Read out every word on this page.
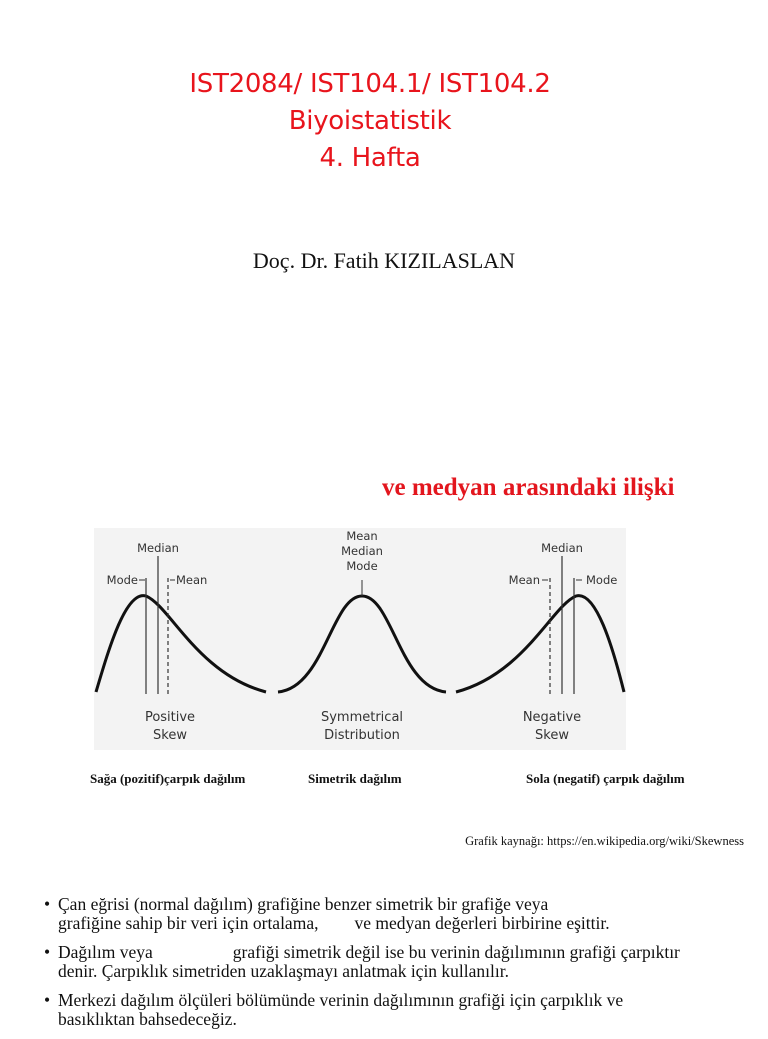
IST2084/ IST104.1/ IST104.2
Biyoistatistik
4. Hafta
Doç. Dr. Fatih KIZILASLAN
ve medyan arasındaki ilişki
Median
Mode	Mean
Positive
Skew
Mean
Median
Mode
Symmetrical
Distribution
Median
Mean	Mode
Negative
Skew
Sağa (pozitif)çarpık dağılım	Simetrik dağılım	Sola (negatif) çarpık dağılım
Grafik kaynağı: https://en.wikipedia.org/wiki/Skewness
• Çan eğrisi (normal dağılım) grafiğine benzer simetrik bir grafiğe veya
grafiğine sahip bir veri için ortalama, ve medyan değerleri birbirine eşittir.
• Dağılım veya	grafiği simetrik değil ise bu verinin dağılımının grafiği çarpıktır
denir. Çarpıklık simetriden uzaklaşmayı anlatmak için kullanılır.
• Merkezi dağılım ölçüleri bölümünde verinin dağılımının grafiği için çarpıklık ve
basıklıktan bahsedeceğiz.
